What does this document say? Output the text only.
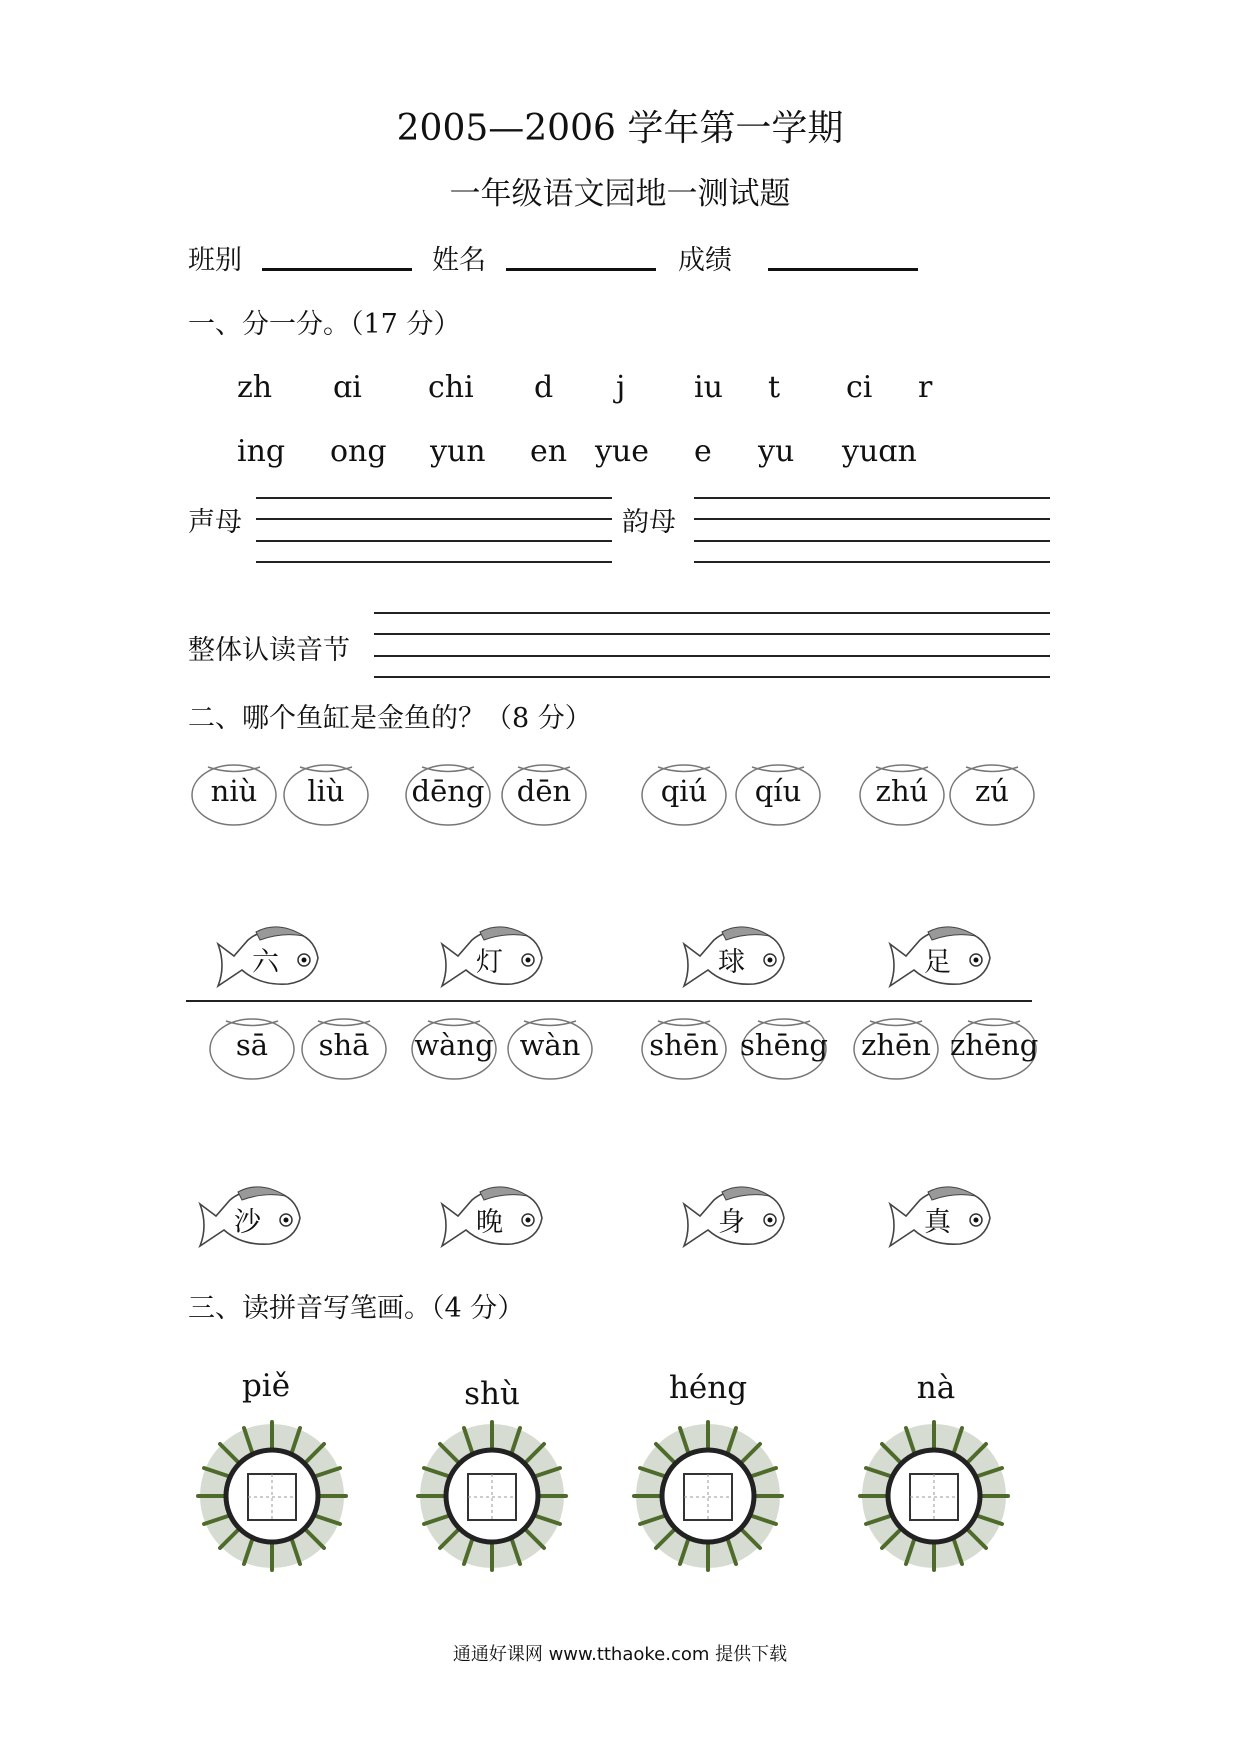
2005—2006 学年第一学期
一年级语文园地一测试题
班别	姓名	成绩
一、分一分。（17 分）
zh ɑi chi d j iu t ci r
ing ong yun en yue e yu yuɑn
声母	韵母
整体认读音节
二、哪个鱼缸是金鱼的？（8 分）
niù	liù	dēng	dēn	qiú	qíu	zhú	zú
六	灯	球	足
sā	shā	wàng wàn	shēn shēng	zhēn zhēng
沙	晚	身	真
三、读拼音写笔画。（4 分）
piě	shù	héng	nà
通通好课网 www.tthaoke.com 提供下载
